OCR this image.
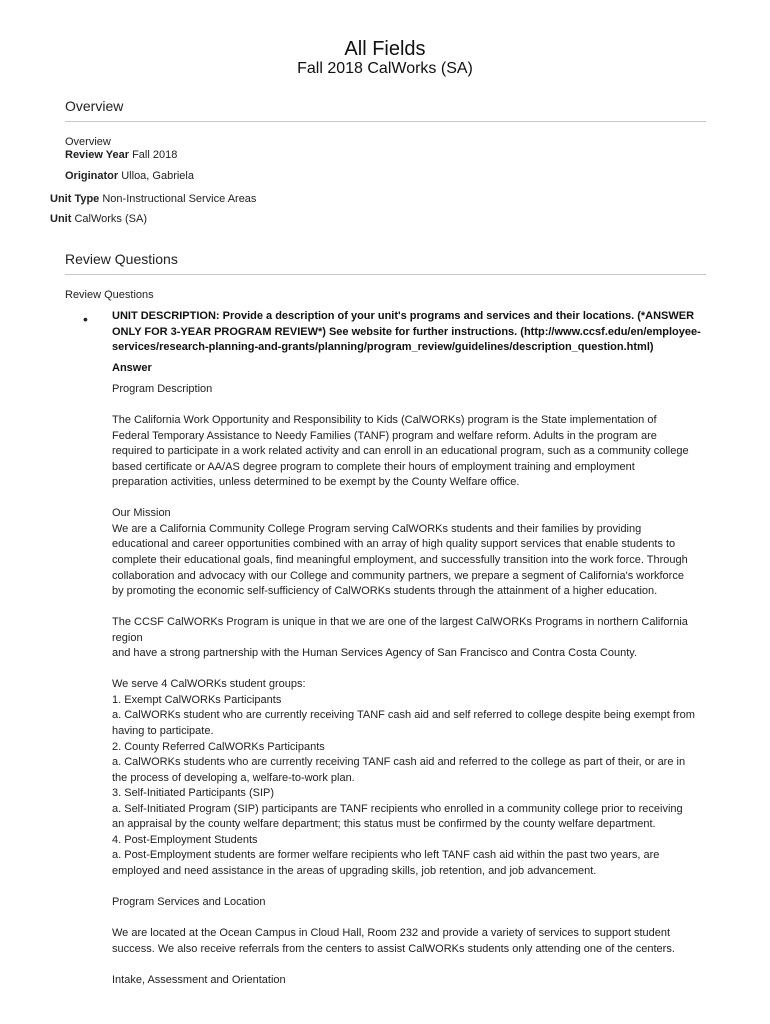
All Fields
Fall 2018 CalWorks (SA)
Overview
Overview
Review Year Fall 2018
Originator Ulloa, Gabriela
Unit Type Non-Instructional Service Areas
Unit CalWorks (SA)
Review Questions
Review Questions
• UNIT DESCRIPTION: Provide a description of your unit's programs and services and their locations. (*ANSWER
ONLY FOR 3-YEAR PROGRAM REVIEW*) See website for further instructions. (http://www.ccsf.edu/en/employee-
services/research-planning-and-grants/planning/program_review/guidelines/description_question.html)
Answer
Program Description
The California Work Opportunity and Responsibility to Kids (CalWORKs) program is the State implementation of
Federal Temporary Assistance to Needy Families (TANF) program and welfare reform. Adults in the program are
required to participate in a work related activity and can enroll in an educational program, such as a community college
based certificate or AA/AS degree program to complete their hours of employment training and employment
preparation activities, unless determined to be exempt by the County Welfare office.
Our Mission
We are a California Community College Program serving CalWORKs students and their families by providing
educational and career opportunities combined with an array of high quality support services that enable students to
complete their educational goals, find meaningful employment, and successfully transition into the work force. Through
collaboration and advocacy with our College and community partners, we prepare a segment of California's workforce
by promoting the economic self-sufficiency of CalWORKs students through the attainment of a higher education.
The CCSF CalWORKs Program is unique in that we are one of the largest CalWORKs Programs in northern California
region
and have a strong partnership with the Human Services Agency of San Francisco and Contra Costa County.
We serve 4 CalWORKs student groups:
1. Exempt CalWORKs Participants
a. CalWORKs student who are currently receiving TANF cash aid and self referred to college despite being exempt from
having to participate.
2. County Referred CalWORKs Participants
a. CalWORKs students who are currently receiving TANF cash aid and referred to the college as part of their, or are in
the process of developing a, welfare-to-work plan.
3. Self-Initiated Participants (SIP)
a. Self-Initiated Program (SIP) participants are TANF recipients who enrolled in a community college prior to receiving
an appraisal by the county welfare department; this status must be confirmed by the county welfare department.
4. Post-Employment Students
a. Post-Employment students are former welfare recipients who left TANF cash aid within the past two years, are
employed and need assistance in the areas of upgrading skills, job retention, and job advancement.
Program Services and Location
We are located at the Ocean Campus in Cloud Hall, Room 232 and provide a variety of services to support student
success. We also receive referrals from the centers to assist CalWORKs students only attending one of the centers.
Intake, Assessment and Orientation
